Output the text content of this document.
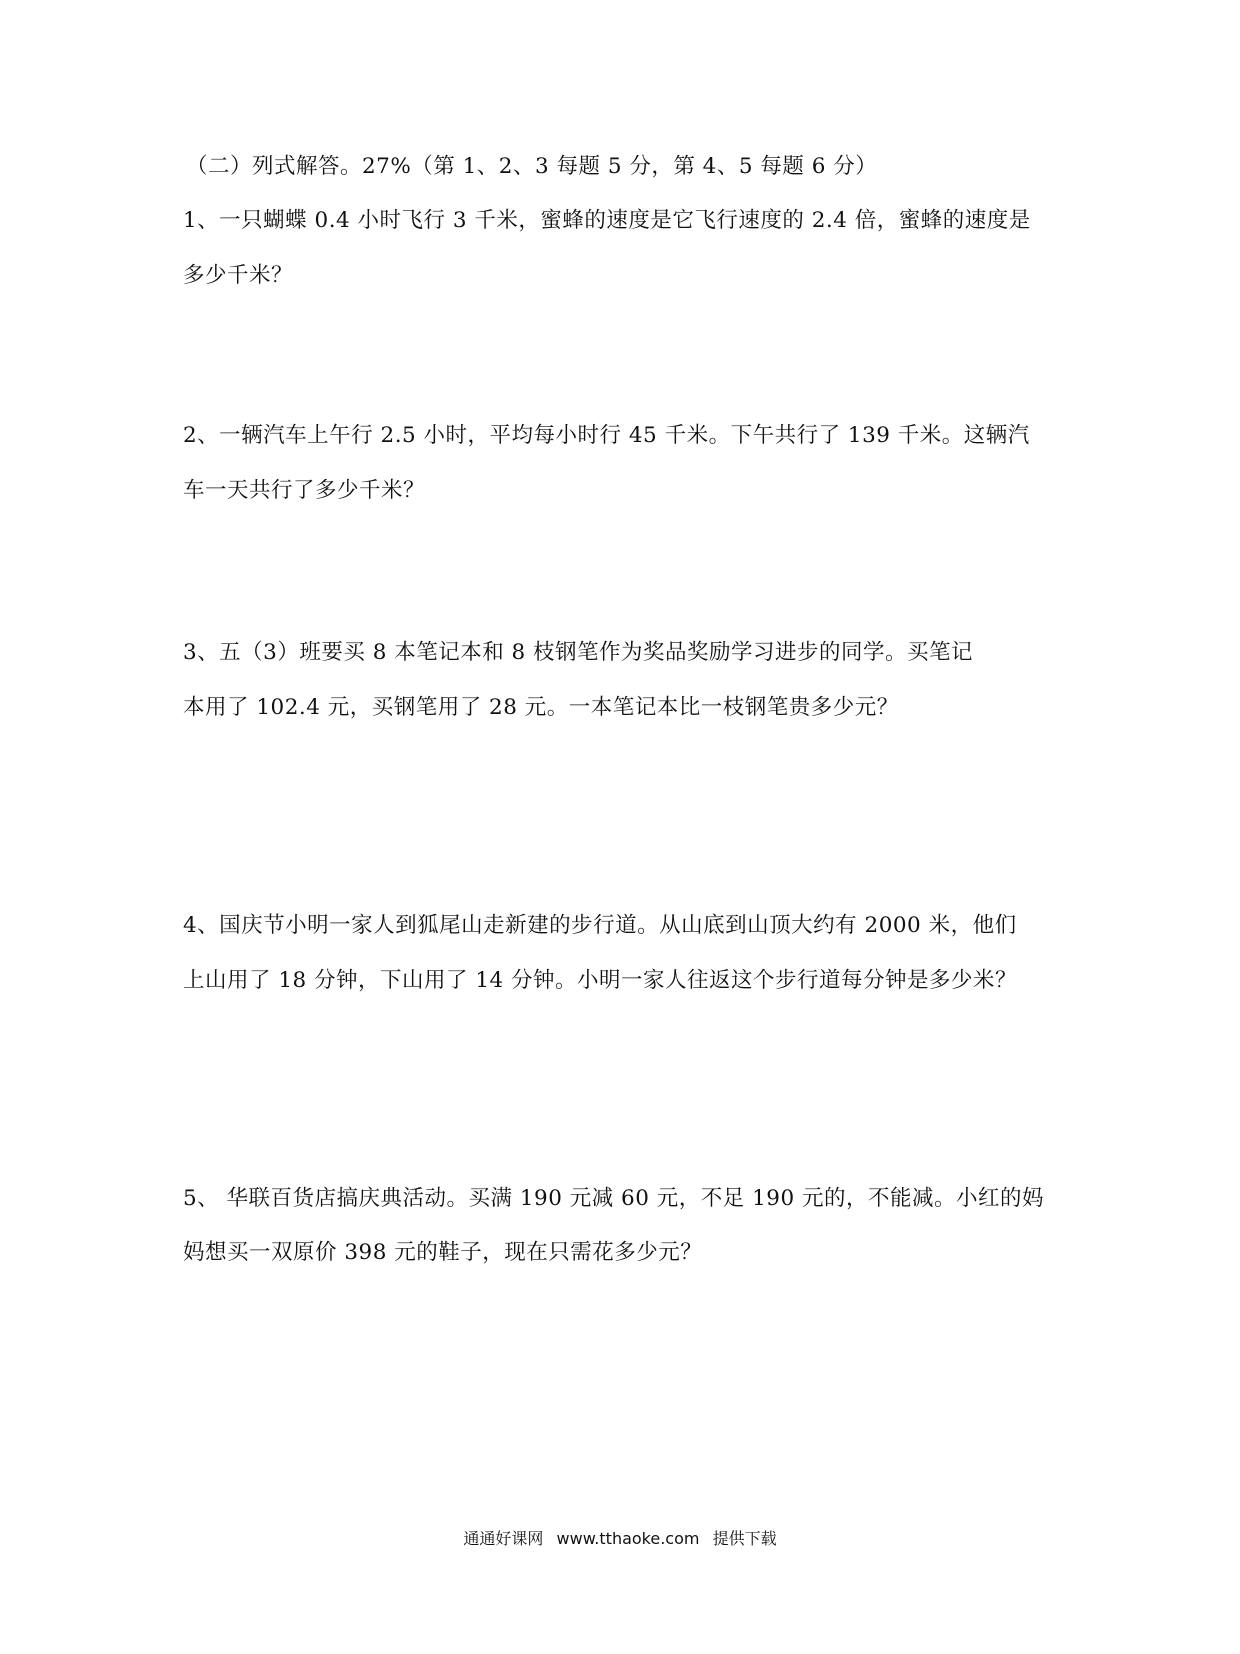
（二）列式解答。27%（第 1、2、3 每题 5 分，第 4、5 每题 6 分）
1、一只蝴蝶 0.4 小时飞行 3 千米，蜜蜂的速度是它飞行速度的 2.4 倍，蜜蜂的速度是
多少千米？
2、一辆汽车上午行 2.5 小时，平均每小时行 45 千米。下午共行了 139 千米。这辆汽
车一天共行了多少千米？
3、五（3）班要买 8 本笔记本和 8 枝钢笔作为奖品奖励学习进步的同学。买笔记
本用了 102.4 元，买钢笔用了 28 元。一本笔记本比一枝钢笔贵多少元？
4、国庆节小明一家人到狐尾山走新建的步行道。从山底到山顶大约有 2000 米，他们
上山用了 18 分钟，下山用了 14 分钟。小明一家人往返这个步行道每分钟是多少米？
5、 华联百货店搞庆典活动。买满 190 元减 60 元，不足 190 元的，不能减。小红的妈
妈想买一双原价 398 元的鞋子，现在只需花多少元？
通通好课网 www.tthaoke.com 提供下载
